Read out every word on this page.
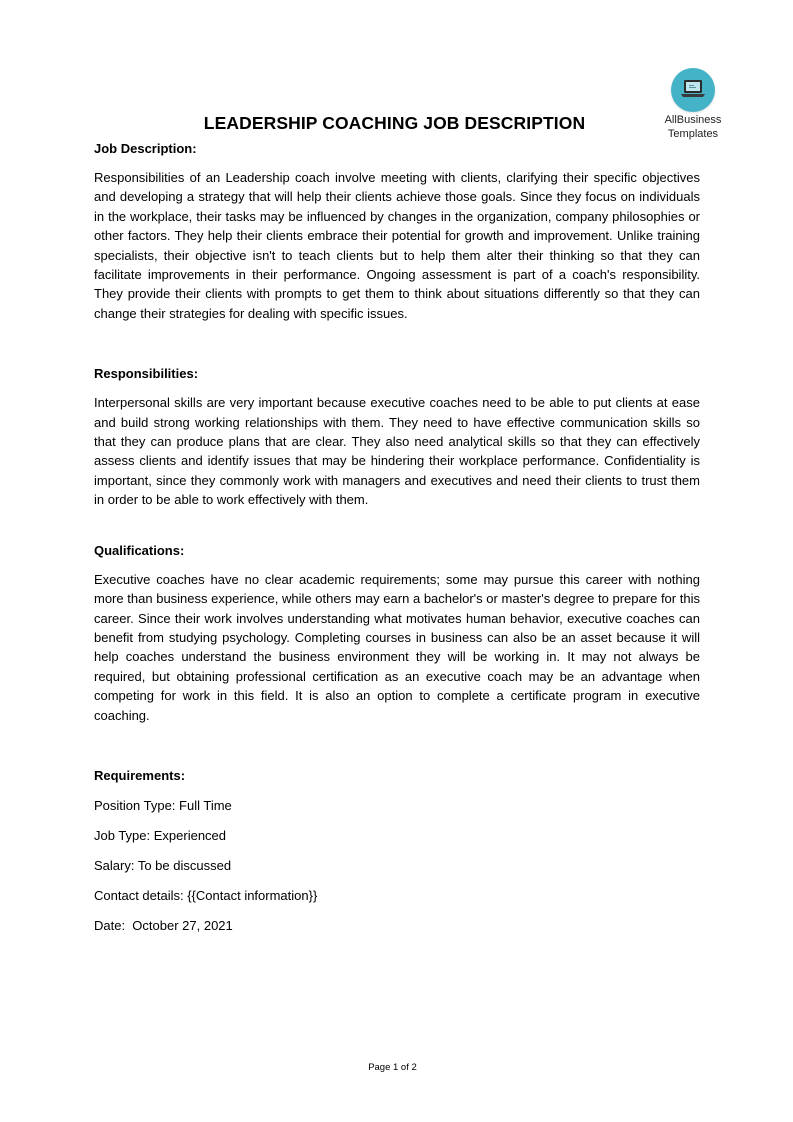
AllBusiness
Templates
LEADERSHIP COACHING JOB DESCRIPTION

Job Description:

Responsibilities of an Leadership coach involve meeting with clients, clarifying their specific objectives and developing a strategy that will help their clients achieve those goals. Since they focus on individuals in the workplace, their tasks may be influenced by changes in the organization, company philosophies or other factors. They help their clients embrace their potential for growth and improvement. Unlike training specialists, their objective isn't to teach clients but to help them alter their thinking so that they can facilitate improvements in their performance. Ongoing assessment is part of a coach's responsibility. They provide their clients with prompts to get them to think about situations differently so that they can change their strategies for dealing with specific issues.

Responsibilities:

Interpersonal skills are very important because executive coaches need to be able to put clients at ease and build strong working relationships with them. They need to have effective communication skills so that they can produce plans that are clear. They also need analytical skills so that they can effectively assess clients and identify issues that may be hindering their workplace performance. Confidentiality is important, since they commonly work with managers and executives and need their clients to trust them in order to be able to work effectively with them.

Qualifications:

Executive coaches have no clear academic requirements; some may pursue this career with nothing more than business experience, while others may earn a bachelor's or master's degree to prepare for this career. Since their work involves understanding what motivates human behavior, executive coaches can benefit from studying psychology. Completing courses in business can also be an asset because it will help coaches understand the business environment they will be working in. It may not always be required, but obtaining professional certification as an executive coach may be an advantage when competing for work in this field. It is also an option to complete a certificate program in executive coaching.

Requirements:

Position Type: Full Time

Job Type: Experienced

Salary: To be discussed

Contact details: {{Contact information}}

Date:  October 27, 2021

Page 1 of 2
